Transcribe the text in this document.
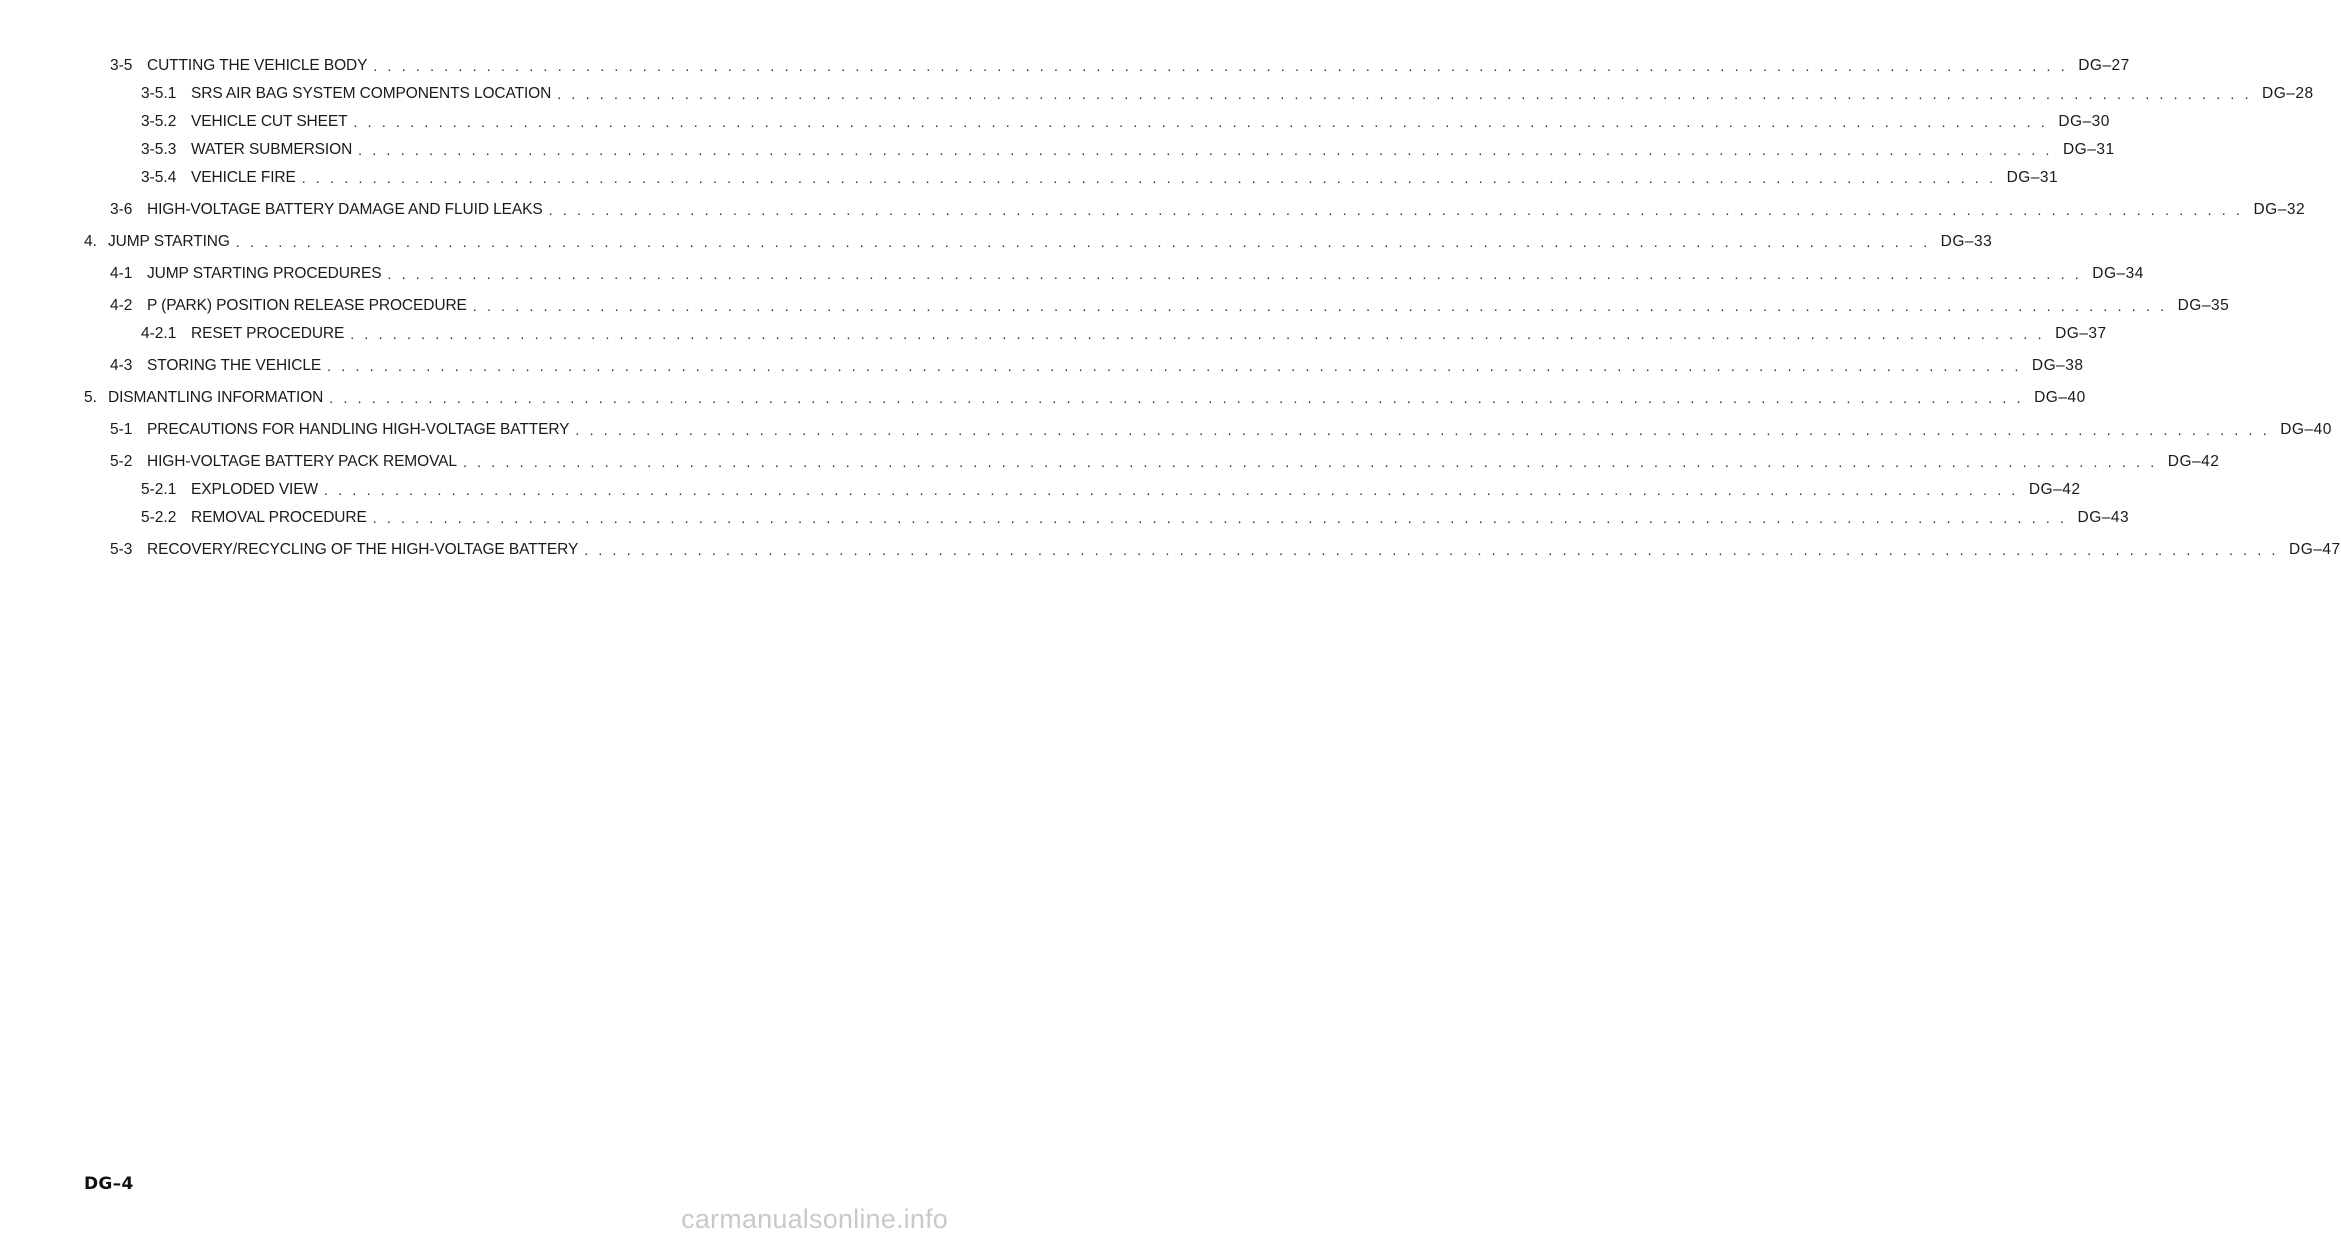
3-5 CUTTING THE VEHICLE BODY . . . . . . . . . . . . . . . . . . . . . . . . . . . . . . . . . . . . . . . . . . . . . . . . . . . . . . . . . . . . . . . . . . . . . . . . . . . . . . . . . . . . . . . . . . . . . . . . . . . . . . . . . . . . . . . . . . . . . . . . DG–27
3-5.1 SRS AIR BAG SYSTEM COMPONENTS LOCATION . . . . . . . . . . . . . . . . . . . . . . . . . . . . . . . . . . . . . . . . . . . . . . . . . . . . . . . . . . . . . . . . . . . . . . . . . . . . . . . . . . . . . . . . . . . . . . . . . . . . . . . . . . . . . . . . . . . . . . . . DG–28
3-5.2 VEHICLE CUT SHEET . . . . . . . . . . . . . . . . . . . . . . . . . . . . . . . . . . . . . . . . . . . . . . . . . . . . . . . . . . . . . . . . . . . . . . . . . . . . . . . . . . . . . . . . . . . . . . . . . . . . . . . . . . . . . . . . . . . . . . . . DG–30
3-5.3 WATER SUBMERSION . . . . . . . . . . . . . . . . . . . . . . . . . . . . . . . . . . . . . . . . . . . . . . . . . . . . . . . . . . . . . . . . . . . . . . . . . . . . . . . . . . . . . . . . . . . . . . . . . . . . . . . . . . . . . . . . . . . . . . . . DG–31
3-5.4 VEHICLE FIRE . . . . . . . . . . . . . . . . . . . . . . . . . . . . . . . . . . . . . . . . . . . . . . . . . . . . . . . . . . . . . . . . . . . . . . . . . . . . . . . . . . . . . . . . . . . . . . . . . . . . . . . . . . . . . . . . . . . . . . . . DG–31
3-6 HIGH-VOLTAGE BATTERY DAMAGE AND FLUID LEAKS . . . . . . . . . . . . . . . . . . . . . . . . . . . . . . . . . . . . . . . . . . . . . . . . . . . . . . . . . . . . . . . . . . . . . . . . . . . . . . . . . . . . . . . . . . . . . . . . . . . . . . . . . . . . . . . . . . . . . . . . DG–32
4. JUMP STARTING . . . . . . . . . . . . . . . . . . . . . . . . . . . . . . . . . . . . . . . . . . . . . . . . . . . . . . . . . . . . . . . . . . . . . . . . . . . . . . . . . . . . . . . . . . . . . . . . . . . . . . . . . . . . . . . . . . . . . . . . DG–33
4-1 JUMP STARTING PROCEDURES . . . . . . . . . . . . . . . . . . . . . . . . . . . . . . . . . . . . . . . . . . . . . . . . . . . . . . . . . . . . . . . . . . . . . . . . . . . . . . . . . . . . . . . . . . . . . . . . . . . . . . . . . . . . . . . . . . . . . . . . DG–34
4-2 P (PARK) POSITION RELEASE PROCEDURE . . . . . . . . . . . . . . . . . . . . . . . . . . . . . . . . . . . . . . . . . . . . . . . . . . . . . . . . . . . . . . . . . . . . . . . . . . . . . . . . . . . . . . . . . . . . . . . . . . . . . . . . . . . . . . . . . . . . . . . . DG–35
4-2.1 RESET PROCEDURE . . . . . . . . . . . . . . . . . . . . . . . . . . . . . . . . . . . . . . . . . . . . . . . . . . . . . . . . . . . . . . . . . . . . . . . . . . . . . . . . . . . . . . . . . . . . . . . . . . . . . . . . . . . . . . . . . . . . . . . . DG–37
4-3 STORING THE VEHICLE . . . . . . . . . . . . . . . . . . . . . . . . . . . . . . . . . . . . . . . . . . . . . . . . . . . . . . . . . . . . . . . . . . . . . . . . . . . . . . . . . . . . . . . . . . . . . . . . . . . . . . . . . . . . . . . . . . . . . . . . DG–38
5. DISMANTLING INFORMATION . . . . . . . . . . . . . . . . . . . . . . . . . . . . . . . . . . . . . . . . . . . . . . . . . . . . . . . . . . . . . . . . . . . . . . . . . . . . . . . . . . . . . . . . . . . . . . . . . . . . . . . . . . . . . . . . . . . . . . . . DG–40
5-1 PRECAUTIONS FOR HANDLING HIGH-VOLTAGE BATTERY . . . . . . . . . . . . . . . . . . . . . . . . . . . . . . . . . . . . . . . . . . . . . . . . . . . . . . . . . . . . . . . . . . . . . . . . . . . . . . . . . . . . . . . . . . . . . . . . . . . . . . . . . . . . . . . . . . . . . . . . DG–40
5-2 HIGH-VOLTAGE BATTERY PACK REMOVAL . . . . . . . . . . . . . . . . . . . . . . . . . . . . . . . . . . . . . . . . . . . . . . . . . . . . . . . . . . . . . . . . . . . . . . . . . . . . . . . . . . . . . . . . . . . . . . . . . . . . . . . . . . . . . . . . . . . . . . . . DG–42
5-2.1 EXPLODED VIEW . . . . . . . . . . . . . . . . . . . . . . . . . . . . . . . . . . . . . . . . . . . . . . . . . . . . . . . . . . . . . . . . . . . . . . . . . . . . . . . . . . . . . . . . . . . . . . . . . . . . . . . . . . . . . . . . . . . . . . . . DG–42
5-2.2 REMOVAL PROCEDURE . . . . . . . . . . . . . . . . . . . . . . . . . . . . . . . . . . . . . . . . . . . . . . . . . . . . . . . . . . . . . . . . . . . . . . . . . . . . . . . . . . . . . . . . . . . . . . . . . . . . . . . . . . . . . . . . . . . . . . . . DG–43
5-3 RECOVERY/RECYCLING OF THE HIGH-VOLTAGE BATTERY . . . . . . . . . . . . . . . . . . . . . . . . . . . . . . . . . . . . . . . . . . . . . . . . . . . . . . . . . . . . . . . . . . . . . . . . . . . . . . . . . . . . . . . . . . . . . . . . . . . . . . . . . . . . . . . . . . . . . . . . DG–47
DG–4
carmanualsonline.info
